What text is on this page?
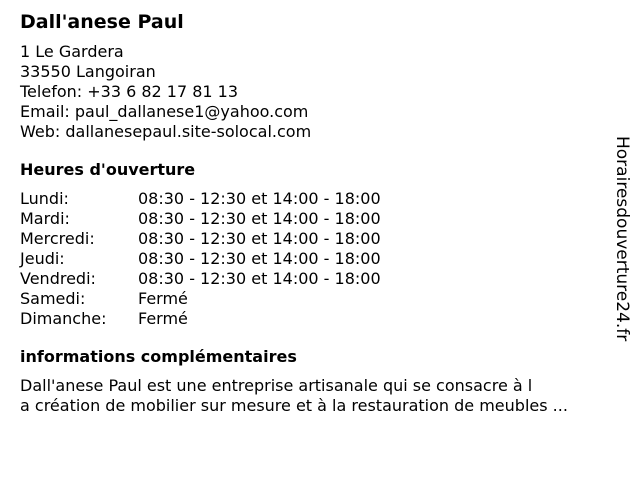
Dall'anese Paul
1 Le Gardera
33550 Langoiran
Telefon: +33 6 82 17 81 13
Email: paul_dallanese1@yahoo.com
Web: dallanesepaul.site-solocal.com
Heures d'ouverture
Lundi:	08:30 - 12:30 et 14:00 - 18:00
Mardi:	08:30 - 12:30 et 14:00 - 18:00
Mercredi:	08:30 - 12:30 et 14:00 - 18:00
Jeudi:	08:30 - 12:30 et 14:00 - 18:00
Vendredi:	08:30 - 12:30 et 14:00 - 18:00
Samedi:	Fermé
Dimanche: Fermé
informations complémentaires
Dall'anese Paul est une entreprise artisanale qui se consacre à l
a création de mobilier sur mesure et à la restauration de meubles ...
Horairesdouverture24.fr
